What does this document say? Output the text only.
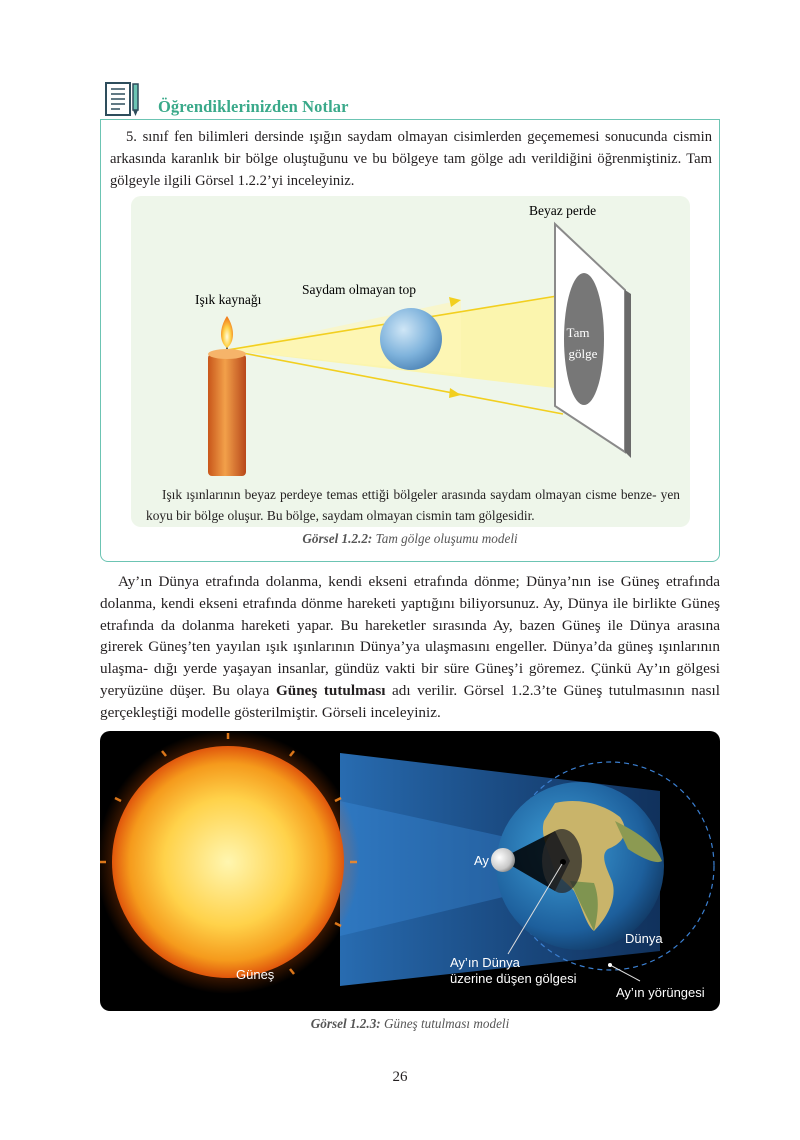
Öğrendiklerinizden Notlar
5. sınıf fen bilimleri dersinde ışığın saydam olmayan cisimlerden geçememesi sonucunda cismin arkasında karanlık bir bölge oluştuğunu ve bu bölgeye tam gölge adı verildiğini öğrenmiştiniz. Tam gölgeyle ilgili Görsel 1.2.2’yi inceleyiniz.
Beyaz perde
Işık kaynağı
Saydam olmayan top
Tam
gölge
Işık ışınlarının beyaz perdeye temas ettiği bölgeler arasında saydam olmayan cisme benze- yen koyu bir bölge oluşur. Bu bölge, saydam olmayan cismin tam gölgesidir.
Görsel 1.2.2: Tam gölge oluşumu modeli
Ay’ın Dünya etrafında dolanma, kendi ekseni etrafında dönme; Dünya’nın ise Güneş etrafında dolanma, kendi ekseni etrafında dönme hareketi yaptığını biliyorsunuz. Ay, Dünya ile birlikte Güneş etrafında da dolanma hareketi yapar. Bu hareketler sırasında Ay, bazen Güneş ile Dünya arasına girerek Güneş’ten yayılan ışık ışınlarının Dünya’ya ulaşmasını engeller. Dünya’da güneş ışınlarının ulaşma- dığı yerde yaşayan insanlar, gündüz vakti bir süre Güneş’i göremez. Çünkü Ay’ın gölgesi yeryüzüne düşer. Bu olaya Güneş tutulması adı verilir. Görsel 1.2.3’te Güneş tutulmasının nasıl gerçekleştiği modelle gösterilmiştir. Görseli inceleyiniz.
Ay
Dünya
Güneş
Ay’ın Dünya
üzerine düşen gölgesi
Ay’ın yörüngesi
Görsel 1.2.3: Güneş tutulması modeli
26
